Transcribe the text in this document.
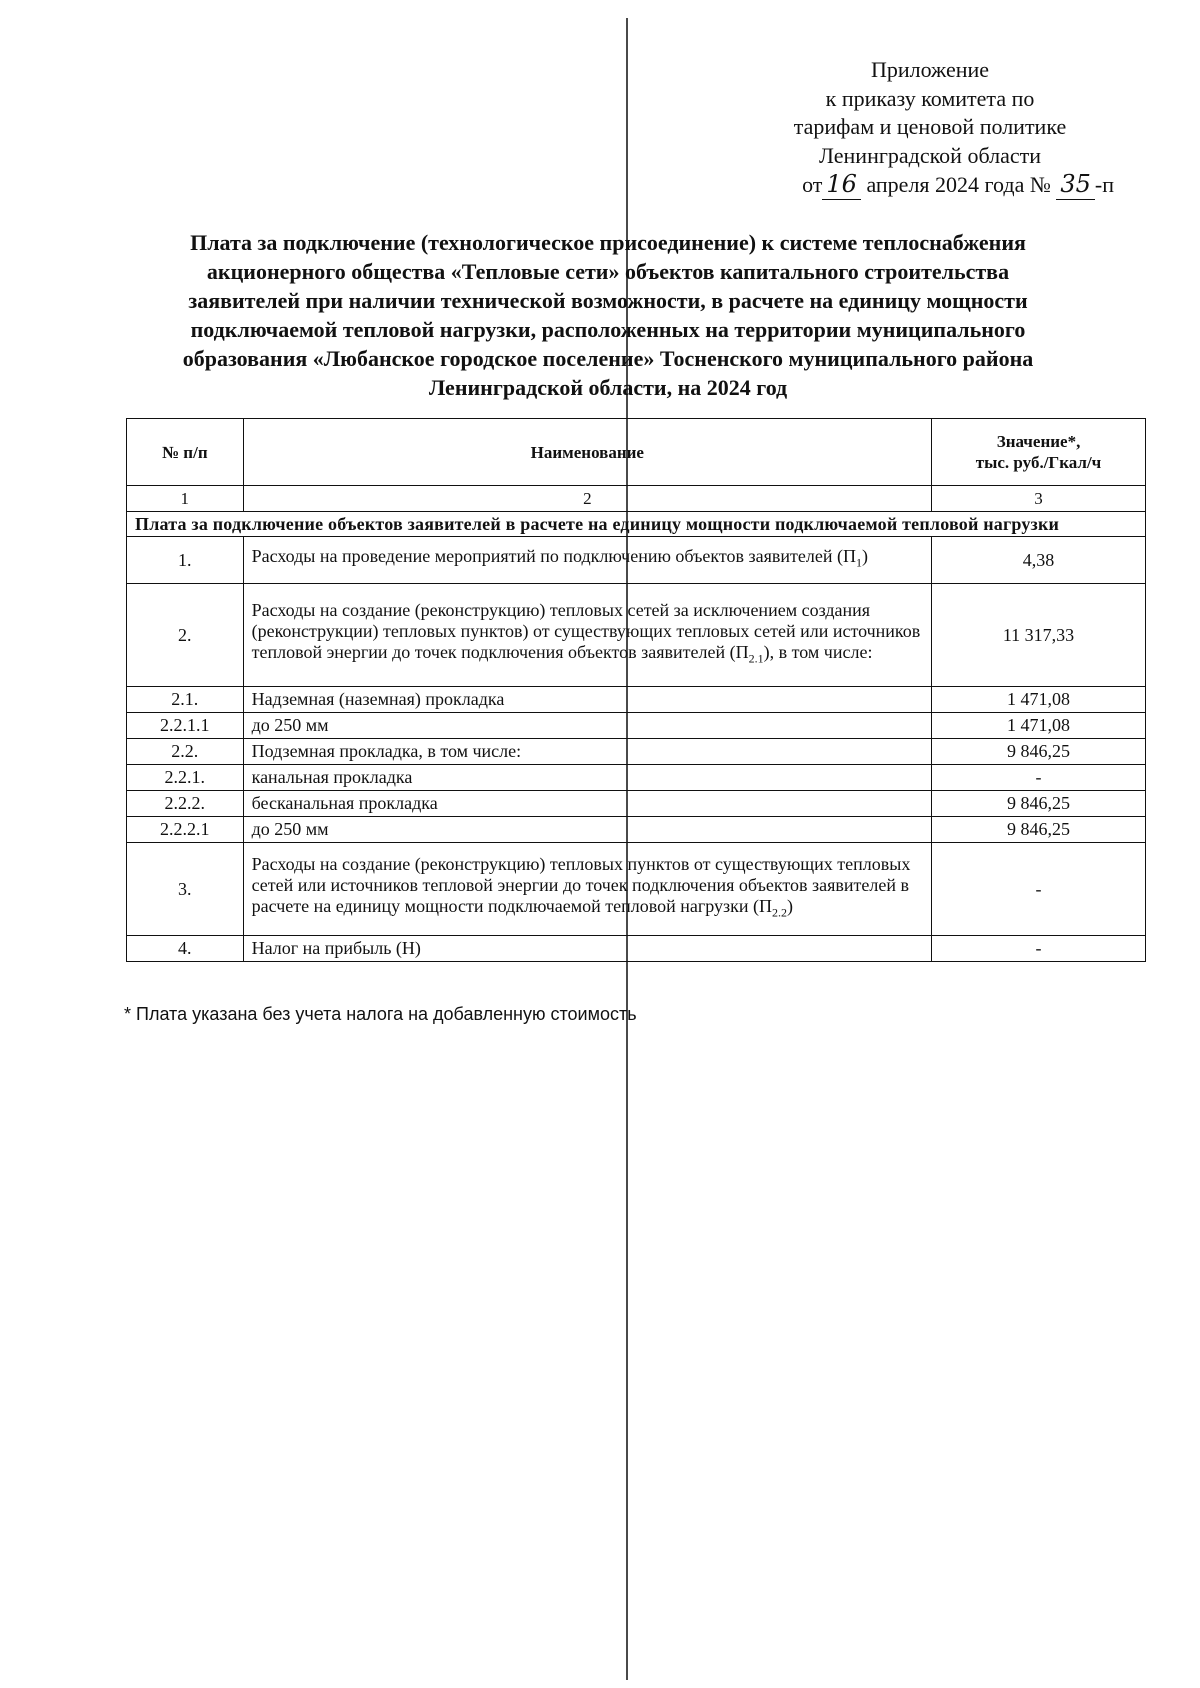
Приложение
к приказу комитета по
тарифам и ценовой политике
Ленинградской области
от 16 апреля 2024 года № 35 -п
Плата за подключение (технологическое присоединение) к системе теплоснабжения
акционерного общества «Тепловые сети» объектов капитального строительства
заявителей при наличии технической возможности, в расчете на единицу мощности
подключаемой тепловой нагрузки, расположенных на территории муниципального
образования «Любанское городское поселение» Тосненского муниципального района
Ленинградской области, на 2024 год
№ п/п	Наименование	Значение*,
тыс. руб./Гкал/ч
1	2	3
Плата за подключение объектов заявителей в расчете на единицу мощности подключаемой тепловой нагрузки		
1.	Расходы на проведение мероприятий по подключению объектов заявителей $(П_1)$	4,38
2.	Расходы на создание (реконструкцию) тепловых сетей за исключением создания (реконструкции) тепловых пунктов) от существующих тепловых сетей или источников тепловой энергии до точек подключения объектов заявителей $(П_{2.1})$, в том числе:	11 317,33
2.1.	Надземная (наземная) прокладка	1 471,08
2.2.1.1	до 250 мм	1 471,08
2.2.	Подземная прокладка, в том числе:	9 846,25
2.2.1.	канальная прокладка	-
2.2.2.	бесканальная прокладка	9 846,25
2.2.2.1	до 250 мм	9 846,25
3.	Расходы на создание (реконструкцию) тепловых пунктов от существующих тепловых сетей или источников тепловой энергии до точек подключения объектов заявителей в расчете на единицу мощности подключаемой тепловой нагрузки $(П_{2.2})$	-
4.	Налог на прибыль (Н)	-
* Плата указана без учета налога на добавленную стоимость
